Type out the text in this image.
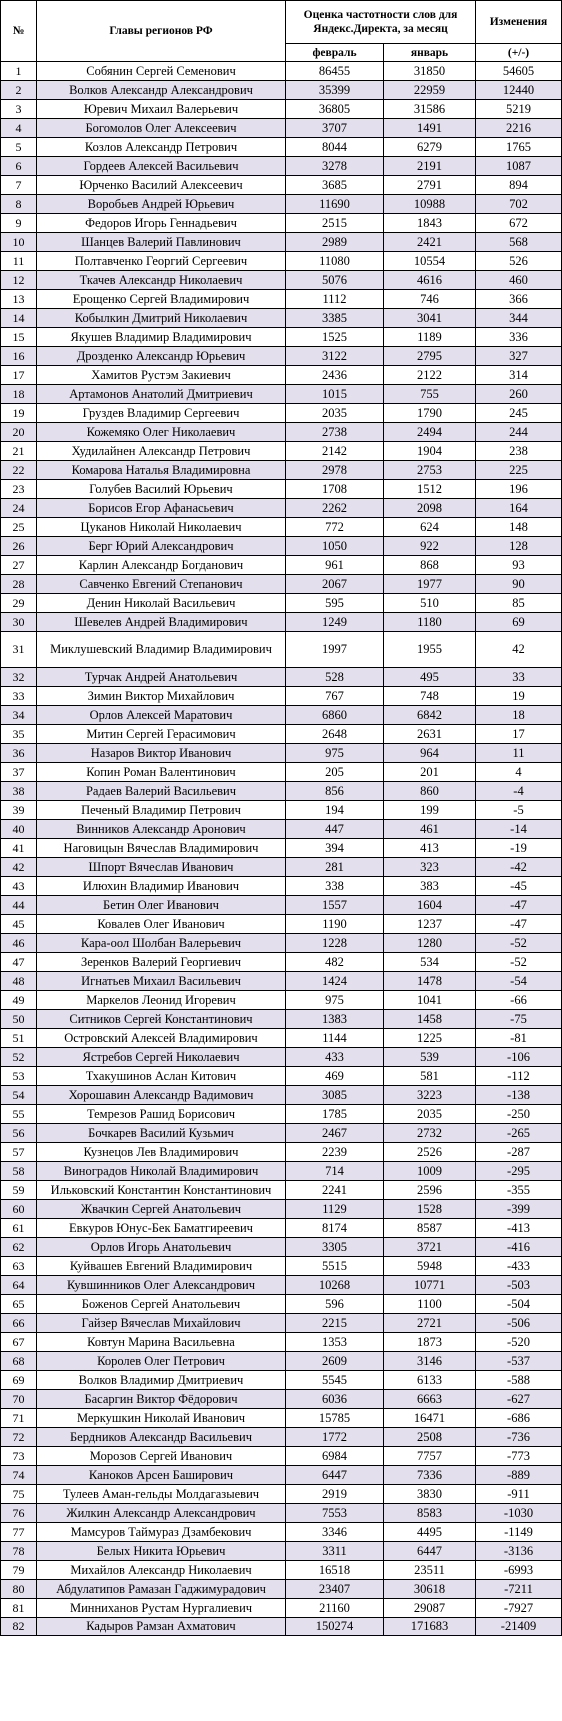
№	Главы регионов РФ	Оценка частотности слов для Яндекс.Директа, за месяц		Изменения
		февраль	январь	(+/-)
1	Собянин Сергей Семенович	86455	31850	54605
2	Волков Александр Александрович	35399	22959	12440
3	Юревич Михаил Валерьевич	36805	31586	5219
4	Богомолов Олег Алексеевич	3707	1491	2216
5	Козлов Александр Петрович	8044	6279	1765
6	Гордеев Алексей Васильевич	3278	2191	1087
7	Юрченко Василий Алексеевич	3685	2791	894
8	Воробьев Андрей Юрьевич	11690	10988	702
9	Федоров Игорь Геннадьевич	2515	1843	672
10	Шанцев Валерий Павлинович	2989	2421	568
11	Полтавченко Георгий Сергеевич	11080	10554	526
12	Ткачев Александр Николаевич	5076	4616	460
13	Ерощенко Сергей Владимирович	1112	746	366
14	Кобылкин Дмитрий Николаевич	3385	3041	344
15	Якушев Владимир Владимирович	1525	1189	336
16	Дрозденко Александр Юрьевич	3122	2795	327
17	Хамитов Рустэм Закиевич	2436	2122	314
18	Артамонов Анатолий Дмитриевич	1015	755	260
19	Груздев Владимир Сергеевич	2035	1790	245
20	Кожемяко Олег Николаевич	2738	2494	244
21	Худилайнен Александр Петрович	2142	1904	238
22	Комарова Наталья Владимировна	2978	2753	225
23	Голубев Василий Юрьевич	1708	1512	196
24	Борисов Егор Афанасьевич	2262	2098	164
25	Цуканов Николай Николаевич	772	624	148
26	Берг Юрий Александрович	1050	922	128
27	Карлин Александр Богданович	961	868	93
28	Савченко Евгений Степанович	2067	1977	90
29	Денин Николай Васильевич	595	510	85
30	Шевелев Андрей Владимирович	1249	1180	69
31	Миклушевский Владимир Владимирович	1997	1955	42
32	Турчак Андрей Анатольевич	528	495	33
33	Зимин Виктор Михайлович	767	748	19
34	Орлов Алексей Маратович	6860	6842	18
35	Митин Сергей Герасимович	2648	2631	17
36	Назаров Виктор Иванович	975	964	11
37	Копин Роман Валентинович	205	201	4
38	Радаев Валерий Васильевич	856	860	-4
39	Печеный Владимир Петрович	194	199	-5
40	Винников Александр Аронович	447	461	-14
41	Наговицын Вячеслав Владимирович	394	413	-19
42	Шпорт Вячеслав Иванович	281	323	-42
43	Илюхин Владимир Иванович	338	383	-45
44	Бетин Олег Иванович	1557	1604	-47
45	Ковалев Олег Иванович	1190	1237	-47
46	Кара-оол Шолбан Валерьевич	1228	1280	-52
47	Зеренков Валерий Георгиевич	482	534	-52
48	Игнатьев Михаил Васильевич	1424	1478	-54
49	Маркелов Леонид Игоревич	975	1041	-66
50	Ситников Сергей Константинович	1383	1458	-75
51	Островский Алексей Владимирович	1144	1225	-81
52	Ястребов Сергей Николаевич	433	539	-106
53	Тхакушинов Аслан Китович	469	581	-112
54	Хорошавин Александр Вадимович	3085	3223	-138
55	Темрезов Рашид Борисович	1785	2035	-250
56	Бочкарев Василий Кузьмич	2467	2732	-265
57	Кузнецов Лев Владимирович	2239	2526	-287
58	Виноградов Николай Владимирович	714	1009	-295
59	Ильковский Константин Константинович	2241	2596	-355
60	Жвачкин Сергей Анатольевич	1129	1528	-399
61	Евкуров Юнус-Бек Баматгиреевич	8174	8587	-413
62	Орлов Игорь Анатольевич	3305	3721	-416
63	Куйвашев Евгений Владимирович	5515	5948	-433
64	Кувшинников Олег Александрович	10268	10771	-503
65	Боженов Сергей Анатольевич	596	1100	-504
66	Гайзер Вячеслав Михайлович	2215	2721	-506
67	Ковтун Марина Васильевна	1353	1873	-520
68	Королев Олег Петрович	2609	3146	-537
69	Волков Владимир Дмитриевич	5545	6133	-588
70	Басаргин Виктор Фёдорович	6036	6663	-627
71	Меркушкин Николай Иванович	15785	16471	-686
72	Бердников Александр Васильевич	1772	2508	-736
73	Морозов Сергей Иванович	6984	7757	-773
74	Каноков Арсен Баширович	6447	7336	-889
75	Тулеев Аман-гельды Молдагазыевич	2919	3830	-911
76	Жилкин Александр Александрович	7553	8583	-1030
77	Мамсуров Таймураз Дзамбекович	3346	4495	-1149
78	Белых Никита Юрьевич	3311	6447	-3136
79	Михайлов Александр Николаевич	16518	23511	-6993
80	Абдулатипов Рамазан Гаджимурадович	23407	30618	-7211
81	Минниханов Рустам Нургалиевич	21160	29087	-7927
82	Кадыров Рамзан Ахматович	150274	171683	-21409
